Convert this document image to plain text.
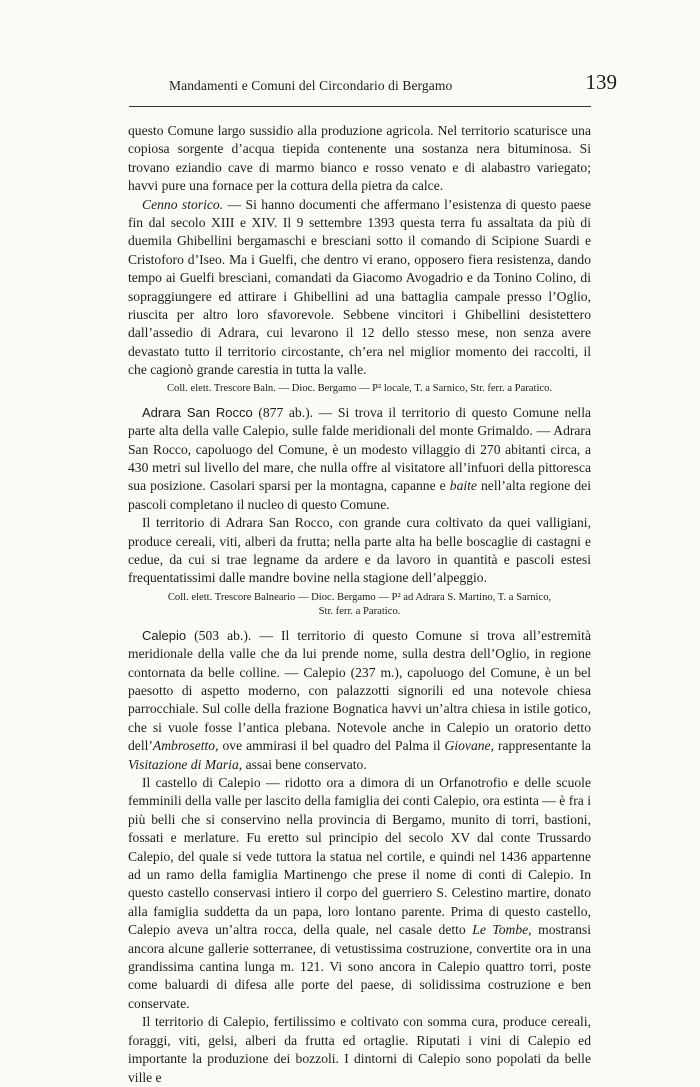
Mandamenti e Comuni del Circondario di Bergamo	139

questo Comune largo sussidio alla produzione agricola. Nel territorio scaturisce una copiosa sorgente d’acqua tiepida contenente una sostanza nera bituminosa. Si trovano eziandio cave di marmo bianco e rosso venato e di alabastro variegato; havvi pure una fornace per la cottura della pietra da calce.

Cenno storico. — Si hanno documenti che affermano l’esistenza di questo paese fin dal secolo XIII e XIV. Il 9 settembre 1393 questa terra fu assaltata da più di duemila Ghibellini bergamaschi e bresciani sotto il comando di Scipione Suardi e Cristoforo d’Iseo. Ma i Guelfi, che dentro vi erano, opposero fiera resistenza, dando tempo ai Guelfi bresciani, comandati da Giacomo Avogadrio e da Tonino Colino, di sopraggiungere ed attirare i Ghibellini ad una battaglia campale presso l’Oglio, riuscita per altro loro sfavorevole. Sebbene vincitori i Ghibellini desistettero dall’assedio di Adrara, cui levarono il 12 dello stesso mese, non senza avere devastato tutto il territorio circostante, ch’era nel miglior momento dei raccolti, il che cagionò grande carestia in tutta la valle.

Coll. elett. Trescore Baln. — Dioc. Bergamo — P² locale, T. a Sarnico, Str. ferr. a Paratico.

Adrara San Rocco (877 ab.). — Si trova il territorio di questo Comune nella parte alta della valle Calepio, sulle falde meridionali del monte Grimaldo. — Adrara San Rocco, capoluogo del Comune, è un modesto villaggio di 270 abitanti circa, a 430 metri sul livello del mare, che nulla offre al visitatore all’infuori della pittoresca sua posizione. Casolari sparsi per la montagna, capanne e baite nell’alta regione dei pascoli completano il nucleo di questo Comune.

Il territorio di Adrara San Rocco, con grande cura coltivato da quei valligiani, produce cereali, viti, alberi da frutta; nella parte alta ha belle boscaglie di castagni e cedue, da cui si trae legname da ardere e da lavoro in quantità e pascoli estesi frequentatissimi dalle mandre bovine nella stagione dell’alpeggio.

Coll. elett. Trescore Balneario — Dioc. Bergamo — P² ad Adrara S. Martino, T. a Sarnico,
Str. ferr. a Paratico.

Calepio (503 ab.). — Il territorio di questo Comune si trova all’estremità meridionale della valle che da lui prende nome, sulla destra dell’Oglio, in regione contornata da belle colline. — Calepio (237 m.), capoluogo del Comune, è un bel paesotto di aspetto moderno, con palazzotti signorili ed una notevole chiesa parrocchiale. Sul colle della frazione Bognatica havvi un’altra chiesa in istile gotico, che si vuole fosse l’antica plebana. Notevole anche in Calepio un oratorio detto dell’Ambrosetto, ove ammirasi il bel quadro del Palma il Giovane, rappresentante la Visitazione di Maria, assai bene conservato.

Il castello di Calepio — ridotto ora a dimora di un Orfanotrofio e delle scuole femminili della valle per lascito della famiglia dei conti Calepio, ora estinta — è fra i più belli che si conservino nella provincia di Bergamo, munito di torri, bastioni, fossati e merlature. Fu eretto sul principio del secolo XV dal conte Trussardo Calepio, del quale si vede tuttora la statua nel cortile, e quindi nel 1436 appartenne ad un ramo della famiglia Martinengo che prese il nome di conti di Calepio. In questo castello conservasi intiero il corpo del guerriero S. Celestino martire, donato alla famiglia suddetta da un papa, loro lontano parente. Prima di questo castello, Calepio aveva un’altra rocca, della quale, nel casale detto Le Tombe, mostransi ancora alcune gallerie sotterranee, di vetustissima costruzione, convertite ora in una grandissima cantina lunga m. 121. Vi sono ancora in Calepio quattro torri, poste come baluardi di difesa alle porte del paese, di solidissima costruzione e ben conservate.

Il territorio di Calepio, fertilissimo e coltivato con somma cura, produce cereali, foraggi, viti, gelsi, alberi da frutta ed ortaglie. Riputati i vini di Calepio ed importante la produzione dei bozzoli. I dintorni di Calepio sono popolati da belle ville e
